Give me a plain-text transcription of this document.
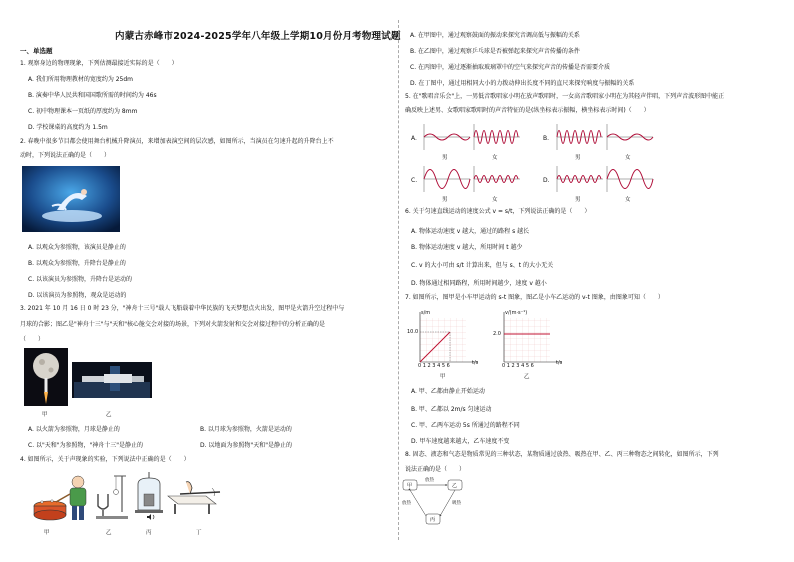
内蒙古赤峰市2024-2025学年八年级上学期10月份月考物理试题
一、单选题
1. 观察身边的物理现象，下列估测最接近实际的是（　　）
A. 我们所用物理教材的宽度约为 25dm
B. 演奏中华人民共和国国歌所需的时间约为 46s
C. 初中物理课本一页纸的厚度约为 8mm
D. 学校课桌的高度约为 1.5m
2. 春晚中很多节目都会使用舞台机械升降演员，来增加表演空间的层次感，如图所示，当演员在匀速升起的升降台上不
动时，下列说法正确的是（　　）
A. 以观众为参照物，该演员是静止的
B. 以观众为参照物，升降台是静止的
C. 以该演员为参照物，升降台是运动的
D. 以该演员为参照物，观众是运动的
3. 2021 年 10 月 16 日 0 时 23 分，"神舟十三号"载人飞船载着中华民族的飞天梦想点火出发，图甲是火箭升空过程中与
月球的合影；图乙是"神舟十三"与"天和"核心舱交会对接的场景，下列对火箭发射和交会对接过程中的分析正确的是
（　　）
甲	乙
A. 以火箭为参照物，月球是静止的	B. 以月球为参照物，火箭是运动的
C. 以"天和"为参照物，"神舟十三"是静止的	D. 以地面为参照物"天和"是静止的
4. 如图所示，关于声现象的实验，下列说法中正确的是（　　）
甲	乙	丙	丁
A. 在甲图中，通过观察鼓面的振动来探究音调高低与振幅的关系
B. 在乙图中，通过观察乒乓球是否被弹起来探究声音传播的条件
C. 在丙图中，通过逐渐抽取玻璃罩中的空气来探究声音的传播是否需要介质
D. 在丁图中，通过用相同大小的力拨动伸出长度不同的直尺来探究响度与振幅的关系
5. 在"歌唱音乐会"上，一男低音歌唱家小明在放声歌唱时，一女高音歌唱家小明在为其轻声伴唱，下列声音波形图中能正
确反映上述男、女歌唱家歌唱时的声音特征的是(纵坐标表示振幅，横坐标表示时间)（　　）
A.	B.
C.	D.
男	女	男	女
男	女	男	女
6. 关于匀速直线运动的速度公式 v = s/t，下列说法正确的是（　　）
A. 物体运动速度 v 越大，通过的路程 s 越长
B. 物体运动速度 v 越大，所用时间 t 越少
C. v 的大小可由 s/t 计算出来，但与 s、t 的大小无关
D. 物体通过相同路程，所用时间越少，速度 v 越小
7. 如图所示，图甲是小车甲运动的 s-t 图象，图乙是小车乙运动的 v-t 图象，由图象可知（　　）
s/m
10.0
0 1 2 3 4 5 6	t/s
甲
v/(m·s⁻¹)
2.0
0 1 2 3 4 5 6	t/s
乙
A. 甲、乙都由静止开始运动
B. 甲、乙都以 2m/s 匀速运动
C. 甲、乙两车运动 5s 所通过的路程不同
D. 甲车速度越来越大，乙车速度不变
8. 固态、液态和气态是物质常见的三种状态，某物质通过放热、吸热在甲、乙、丙三种物态之间转化，如图所示，下列
说法正确的是（　　）
甲	乙
丙
放热
放热	吸热
